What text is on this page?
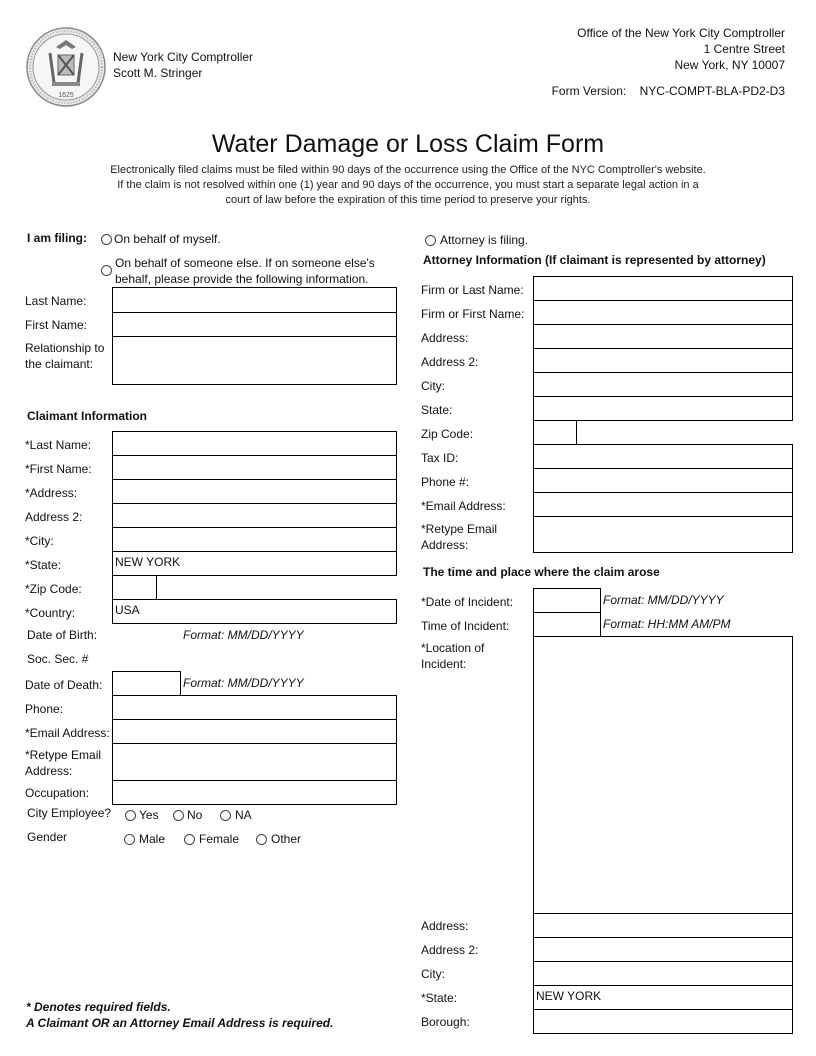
1625
New York City Comptroller
Scott M. Stringer
Office of the New York City Comptroller
1 Centre Street
New York, NY 10007
Form Version: NYC-COMPT-BLA-PD2-D3
Water Damage or Loss Claim Form
Electronically filed claims must be filed within 90 days of the occurrence using the Office of the NYC Comptroller's website. If the claim is not resolved within one (1) year and 90 days of the occurrence, you must start a separate legal action in a court of law before the expiration of this time period to preserve your rights.
I am filing: On behalf of myself.
On behalf of someone else. If on someone else's behalf, please provide the following information.
Attorney is filing.
Last Name:
First Name:
Relationship to the claimant:
Claimant Information
*Last Name:
*First Name:
*Address:
Address 2:
*City:
*State:	NEW YORK
*Zip Code:
*Country:	USA
Date of Birth:	Format: MM/DD/YYYY
Soc. Sec. #
Date of Death:	Format: MM/DD/YYYY
Phone:
*Email Address:
*Retype Email Address:
Occupation:
City Employee? Yes No	NA
Gender	Male	Female	Other
Attorney Information (If claimant is represented by attorney)
Firm or Last Name:
Firm or First Name:
Address:
Address 2:
City:
State:
Zip Code:
Tax ID:
Phone #:
*Email Address:
*Retype Email Address:
The time and place where the claim arose
*Date of Incident:	Format: MM/DD/YYYY
Time of Incident:	Format: HH:MM AM/PM
*Location of Incident:
Address:
Address 2:
City:
*State:	NEW YORK
Borough:
* Denotes required fields.
A Claimant OR an Attorney Email Address is required.
